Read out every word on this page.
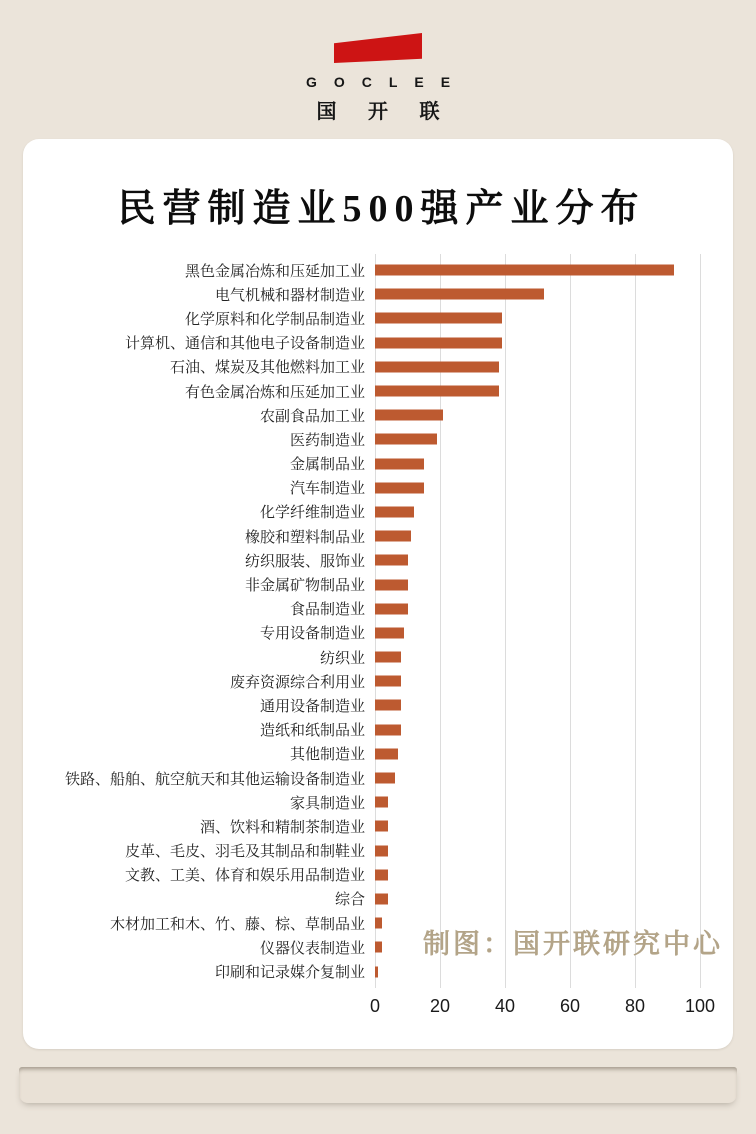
GOCLEE
国 开 联
民营制造业500强产业分布
黑色金属冶炼和压延加工业
电气机械和器材制造业
化学原料和化学制品制造业
计算机、通信和其他电子设备制造业
石油、煤炭及其他燃料加工业
有色金属冶炼和压延加工业
农副食品加工业
医药制造业
金属制品业
汽车制造业
化学纤维制造业
橡胶和塑料制品业
纺织服装、服饰业
非金属矿物制品业
食品制造业
专用设备制造业
纺织业
废弃资源综合利用业
通用设备制造业
造纸和纸制品业
其他制造业
铁路、船舶、航空航天和其他运输设备制造业
家具制造业
酒、饮料和精制茶制造业
皮革、毛皮、羽毛及其制品和制鞋业
文教、工美、体育和娱乐用品制造业
综合
木材加工和木、竹、藤、棕、草制品业
仪器仪表制造业
印刷和记录媒介复制业
0	20 40 60 80 100
制图：国开联研究中心
